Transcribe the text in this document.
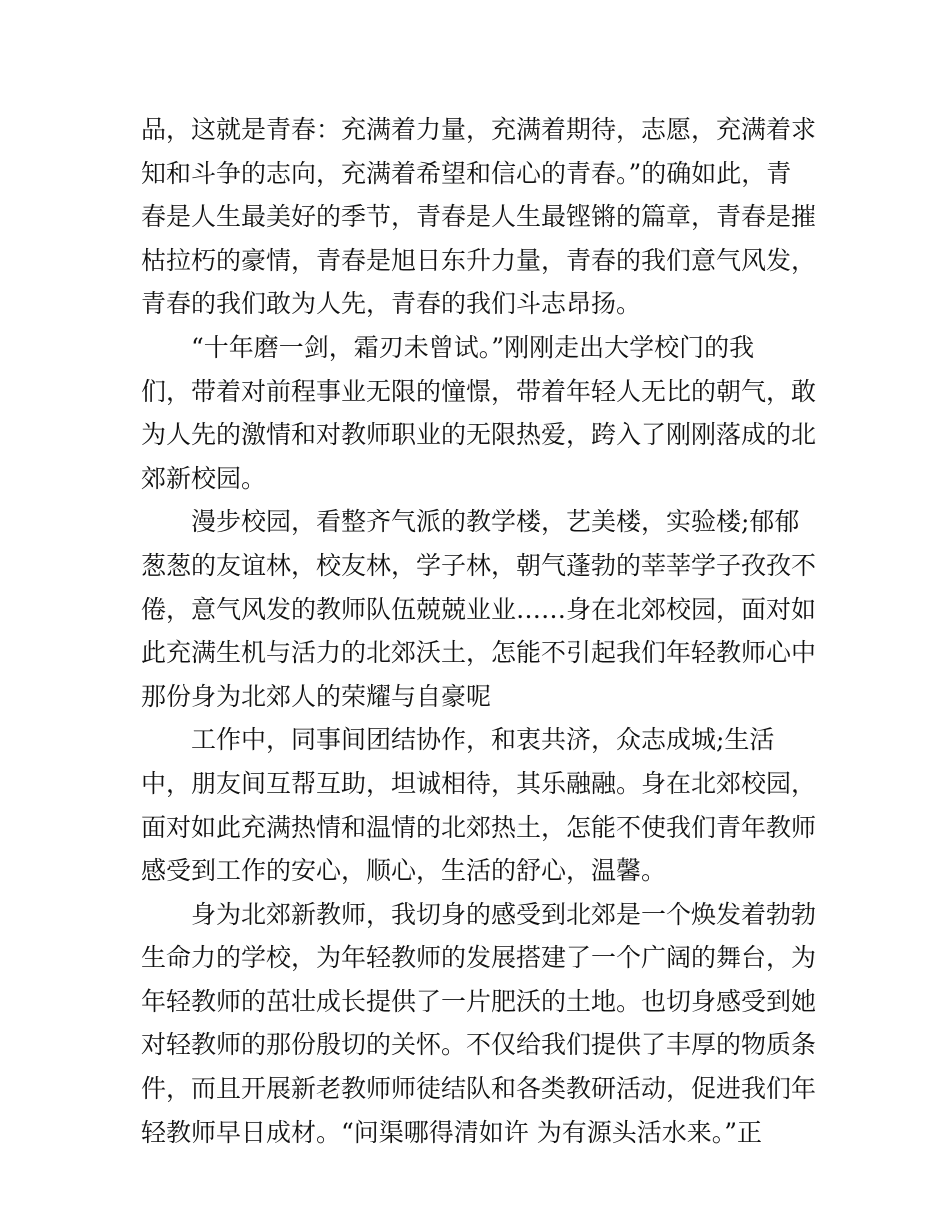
品，这就是青春：充满着力量，充满着期待，志愿，充满着求
知和斗争的志向，充满着希望和信心的青春。”的确如此，青
春是人生最美好的季节，青春是人生最铿锵的篇章，青春是摧
枯拉朽的豪情，青春是旭日东升力量，青春的我们意气风发，
青春的我们敢为人先，青春的我们斗志昂扬。
“十年磨一剑，霜刃未曾试。”刚刚走出大学校门的我
们，带着对前程事业无限的憧憬，带着年轻人无比的朝气，敢
为人先的激情和对教师职业的无限热爱，跨入了刚刚落成的北
郊新校园。
漫步校园，看整齐气派的教学楼，艺美楼，实验楼;郁郁
葱葱的友谊林，校友林，学子林，朝气蓬勃的莘莘学子孜孜不
倦，意气风发的教师队伍兢兢业业……身在北郊校园，面对如
此充满生机与活力的北郊沃土，怎能不引起我们年轻教师心中
那份身为北郊人的荣耀与自豪呢
工作中，同事间团结协作，和衷共济，众志成城;生活
中，朋友间互帮互助，坦诚相待，其乐融融。身在北郊校园，
面对如此充满热情和温情的北郊热土，怎能不使我们青年教师
感受到工作的安心，顺心，生活的舒心，温馨。
身为北郊新教师，我切身的感受到北郊是一个焕发着勃勃
生命力的学校，为年轻教师的发展搭建了一个广阔的舞台，为
年轻教师的茁壮成长提供了一片肥沃的土地。也切身感受到她
对轻教师的那份殷切的关怀。不仅给我们提供了丰厚的物质条
件，而且开展新老教师师徒结队和各类教研活动，促进我们年
轻教师早日成材。“问渠哪得清如许 为有源头活水来。”正
